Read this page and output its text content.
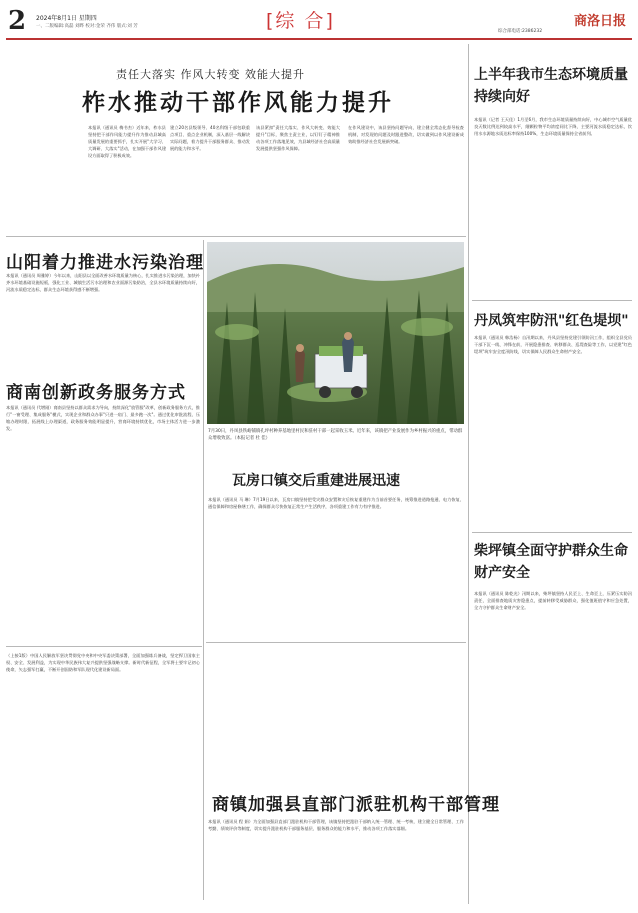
2 2024年8月1日 星期四
一、二版编辑:高磊 刘晔 校对:金荣 齐伟 版式:刘 芳	[综 合]	商洛日报
综合部电话:2386232
责任大落实 作风大转变 效能大提升
柞水推动干部作风能力提升
本报讯（通讯员 梅书杰）近年来，柞水县坚持把干部作风能力提升作为推动县域高质量发展的重要抓手，扎实开展"大学习、大调研、大落实"活动，在加强干部作风建设方面取得了积极成效。
建立20名县级领导、40名科级干部包联重点项目、重点企业机制，深入基层一线解决实际问题，着力提升干部服务群众、推动发展的能力和水平。
该县紧扣"责任大落实、作风大转变、效能大提升"目标，聚焦主责主业，以钉钉子精神推动各项工作落地见效，为县域经济社会高质量发展提供坚强作风保障。
在作风建设中，该县坚持问题导向，建立健全常态化督导检查机制，对发现的问题及时跟进整改，切实做到以作风建设新成效助推经济社会发展新突破。
山阳着力推进水污染治理
本报讯（通讯员 周雅婷）今年以来，山阳县以全面改善水环境质量为核心，扎实推进水污染治理，加快补齐水环境基础设施短板，强化工业、城镇生活污水治理和农业面源污染防治，全县水环境质量持续向好，河流水质稳定达标，群众生态环境获得感不断增强。
商南创新政务服务方式
本报讯（通讯员 代增刚）商南县坚持以群众需求为导向，持续深化"放管服"改革，创新政务服务方式，推行"一窗受理、集成服务"模式，实现企业和群众办事"只进一扇门、最多跑一次"。通过优化审批流程、压缩办理时限、拓展线上办理渠道，政务服务效能明显提升，营商环境持续优化，市场主体活力进一步激发。
7月30日，丹凤县铁峪铺镇孔坪村种养基地里村民和驻村干部一起采收玉米。近年来，该镇把产业发展作为乡村振兴的重点，带动群众增收致富。（本报记者 杜 佳）
瓦房口镇交后重建进展迅速
本报讯（通讯员 马 琳）7月19日以来，瓦房口镇坚持把受灾群众安置和灾后恢复重建作为当前首要任务，统筹推进道路抢通、电力恢复、通信保障和房屋修缮工作，确保群众尽快恢复正常生产生活秩序，各项重建工作有力有序推进。
（上接1版）中国人民解放军坚决贯彻党中央和中央军委决策部署，全面加强练兵备战，坚定捍卫国家主权、安全、发展利益，为实现中华民族伟大复兴提供坚强战略支撑。新时代新征程，全军将士要牢记初心使命，矢志强军打赢，不断开创国防和军队现代化建设新局面。
商镇加强县直部门派驻机构干部管理
本报讯（通讯员 程 娟）为全面加强县直部门派驻机构干部管理，该镇坚持把派驻干部纳入统一管理、统一考核，建立健全日常管理、工作考勤、绩效评价等制度，切实提升派驻机构干部服务基层、服务群众的能力和水平，推动各项工作落实落细。
上半年我市生态环境质量持续向好
本报讯（记者 王天佳）1月至6月，我市生态环境质量持续向好，中心城市空气质量优良天数比例达到较高水平，细颗粒物平均浓度同比下降，主要河流水质稳定达标，饮用水水源地水质达标率保持100%，生态环境质量保持全省前列。
丹凤筑牢防汛"红色堤坝"
本报讯（通讯员 韩浩杨）自汛期以来，丹凤县坚持党建引领防汛工作，组织全县党员干部下沉一线、冲锋在前，开展隐患排查、转移群众、巡堤查险等工作，以党建"红色堤坝"筑牢安全度汛防线，切实保障人民群众生命财产安全。
柴坪镇全面守护群众生命财产安全
本报讯（通讯员 陈乾光）汛期以来，柴坪镇坚持人民至上、生命至上，压紧压实防汛责任，全面排查地质灾害隐患点，提前转移受威胁群众，强化值班值守和应急处置，全力守护群众生命财产安全。
